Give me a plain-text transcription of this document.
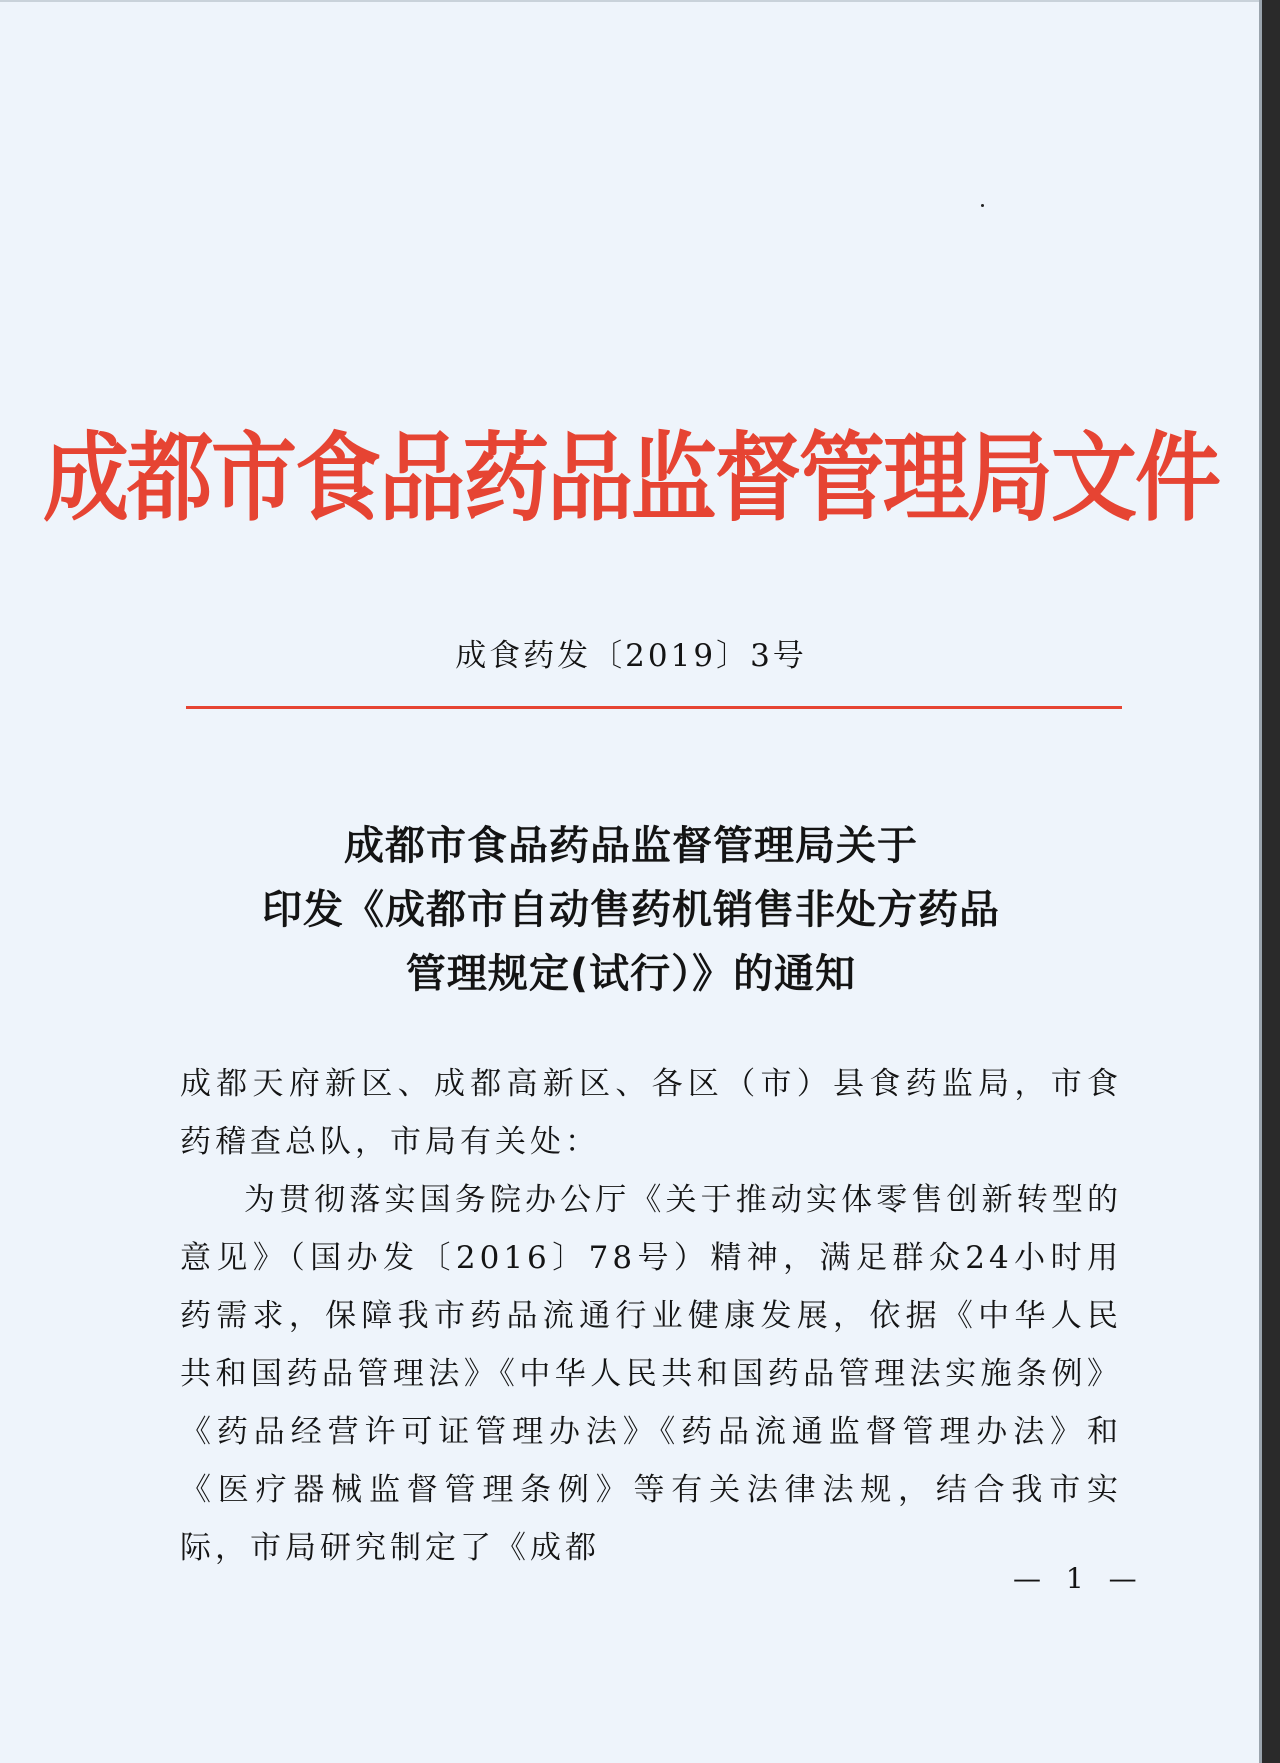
成都市食品药品监督管理局文件
成食药发〔2019〕3号
成都市食品药品监督管理局关于
印发《成都市自动售药机销售非处方药品
管理规定(试行）》的通知

成都天府新区、成都高新区、各区（市）县食药监局，市食药稽查总队，市局有关处：

为贯彻落实国务院办公厅《关于推动实体零售创新转型的意见》（国办发〔2016〕78号）精神，满足群众24小时用药需求，保障我市药品流通行业健康发展，依据《中华人民共和国药品管理法》《中华人民共和国药品管理法实施条例》《药品经营许可证管理办法》《药品流通监督管理办法》和《医疗器械监督管理条例》等有关法律法规，结合我市实际，市局研究制定了《成都

— 1 —
